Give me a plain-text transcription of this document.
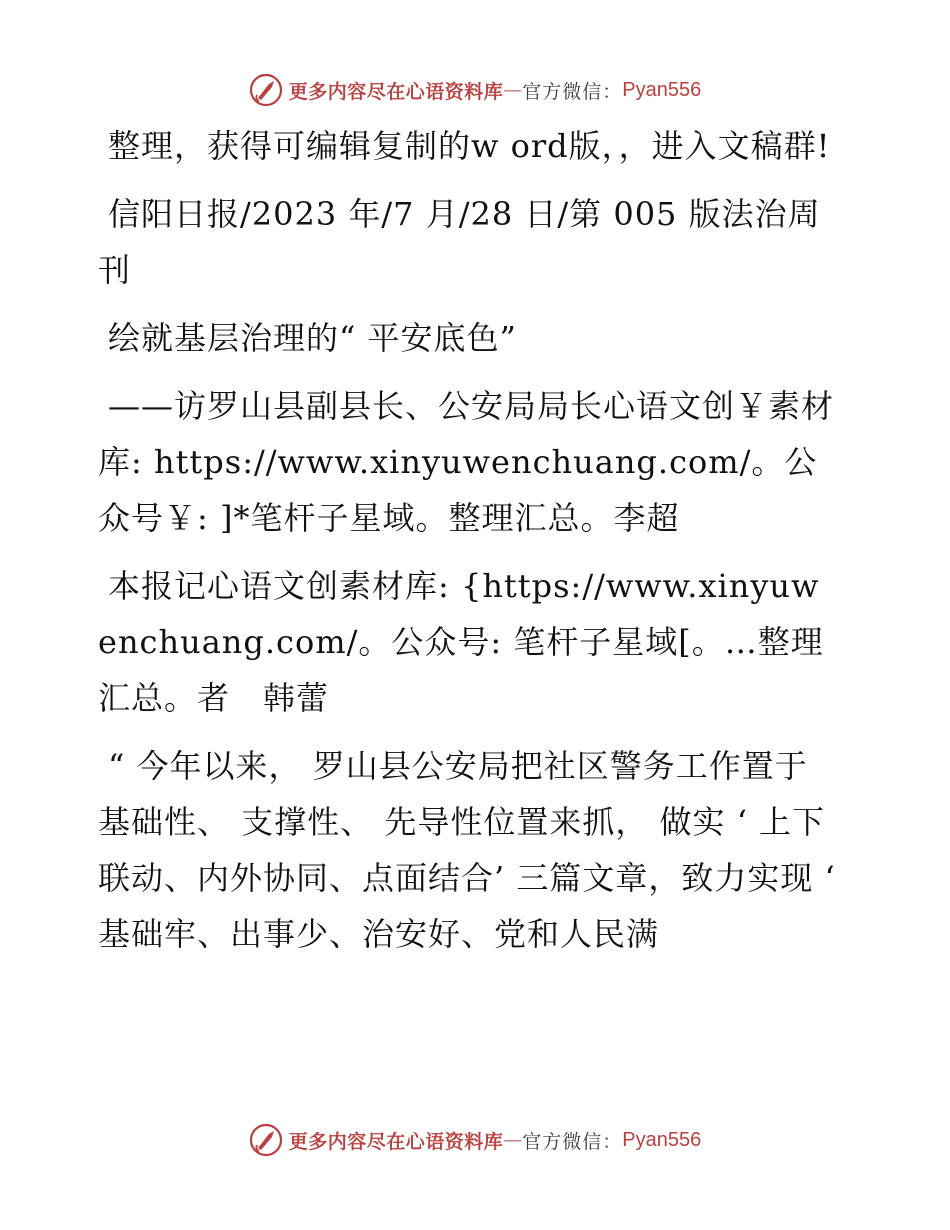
更多内容尽在心语资料库 — 官方微信： Pyan556

整理，获得可编辑复制的w ord版，，进入文稿群!

信阳日报/2023 年/7 月/28 日/第 005 版法治周刊

绘就基层治理的“ 平安底色”

——访罗山县副县长、公安局局长心语文创￥素材库: https://www.xinyuwenchuang.com/。公众号￥: ]*笔杆子星域。整理汇总。李超

本报记心语文创素材库: {https://www.xinyuwenchuang.com/。公众号: 笔杆子星域[。…整理汇总。者　韩蕾

“ 今年以来， 罗山县公安局把社区警务工作置于基础性、 支撑性、 先导性位置来抓， 做实 ‘ 上下联动、内外协同、点面结合’ 三篇文章，致力实现 ‘ 基础牢、出事少、治安好、党和人民满

更多内容尽在心语资料库 — 官方微信： Pyan556
